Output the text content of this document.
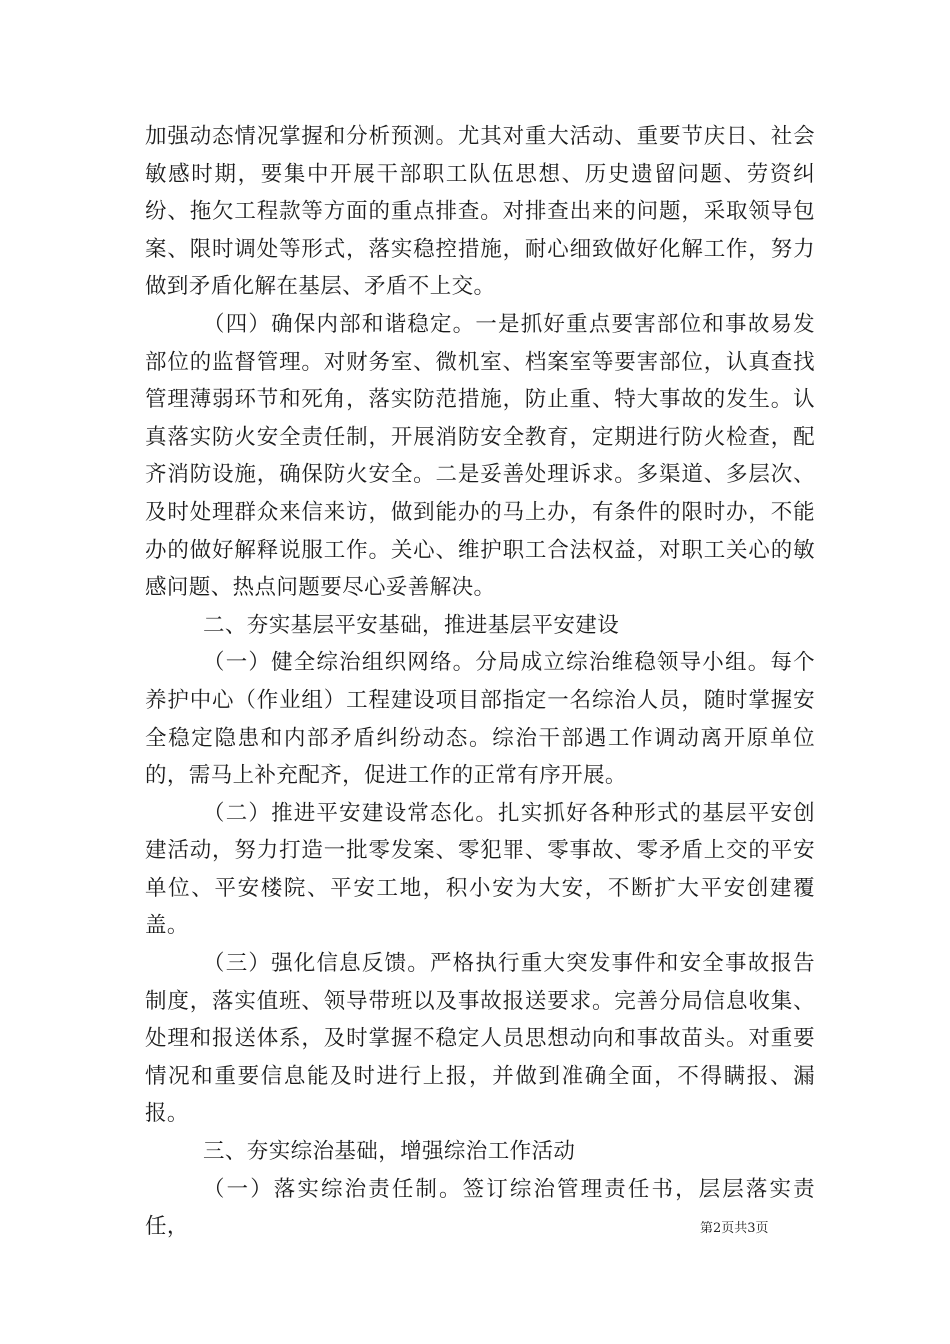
加强动态情况掌握和分析预测。尤其对重大活动、重要节庆日、社会敏感时期，要集中开展干部职工队伍思想、历史遗留问题、劳资纠纷、拖欠工程款等方面的重点排查。对排查出来的问题，采取领导包案、限时调处等形式，落实稳控措施，耐心细致做好化解工作，努力做到矛盾化解在基层、矛盾不上交。

（四）确保内部和谐稳定。一是抓好重点要害部位和事故易发部位的监督管理。对财务室、微机室、档案室等要害部位，认真查找管理薄弱环节和死角，落实防范措施，防止重、特大事故的发生。认真落实防火安全责任制，开展消防安全教育，定期进行防火检查，配齐消防设施，确保防火安全。二是妥善处理诉求。多渠道、多层次、及时处理群众来信来访，做到能办的马上办，有条件的限时办，不能办的做好解释说服工作。关心、维护职工合法权益，对职工关心的敏感问题、热点问题要尽心妥善解决。

二、夯实基层平安基础，推进基层平安建设

（一）健全综治组织网络。分局成立综治维稳领导小组。每个养护中心（作业组）工程建设项目部指定一名综治人员，随时掌握安全稳定隐患和内部矛盾纠纷动态。综治干部遇工作调动离开原单位的，需马上补充配齐，促进工作的正常有序开展。

（二）推进平安建设常态化。扎实抓好各种形式的基层平安创建活动，努力打造一批零发案、零犯罪、零事故、零矛盾上交的平安单位、平安楼院、平安工地，积小安为大安，不断扩大平安创建覆盖。

（三）强化信息反馈。严格执行重大突发事件和安全事故报告制度，落实值班、领导带班以及事故报送要求。完善分局信息收集、处理和报送体系，及时掌握不稳定人员思想动向和事故苗头。对重要情况和重要信息能及时进行上报，并做到准确全面，不得瞒报、漏报。

三、夯实综治基础，增强综治工作活动

（一）落实综治责任制。签订综治管理责任书，层层落实责任，	第2页共3页
